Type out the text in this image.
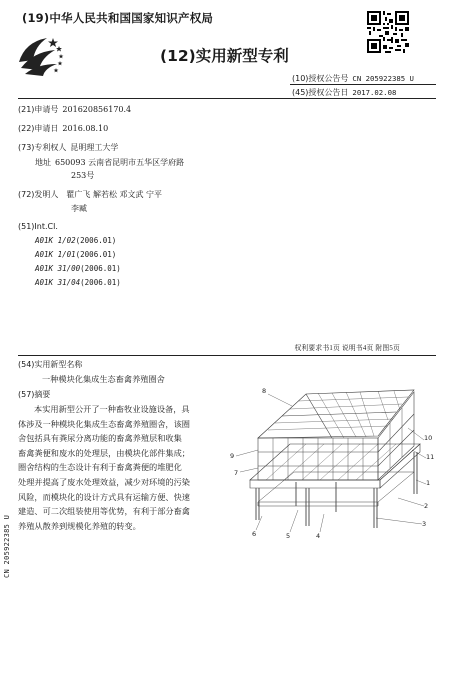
(19)中华人民共和国国家知识产权局
(12)实用新型专利
(10)授权公告号 CN 205922385 U
(45)授权公告日 2017.02.08
(21)申请号 201620856170.4
(22)申请日 2016.08.10
(73)专利权人 昆明理工大学
地址 650093 云南省昆明市五华区学府路
253号
(72)发明人 瞿广飞 解若松 邓文武 宁平
李臧
(51)Int.Cl.
A01K 1/02(2006.01)
A01K 1/01(2006.01)
A01K 31/00(2006.01)
A01K 31/04(2006.01)
权利要求书1页 说明书4页 附图5页
(54)实用新型名称
一种模块化集成生态畜禽养殖圈舍
(57)摘要
本实用新型公开了一种畜牧业设施设备，具
体涉及一种模块化集成生态畜禽养殖圈舍，该圈
舍包括具有粪尿分离功能的畜禽养殖层和收集
畜禽粪便和废水的处理层，由模块化部件集成；
圈舍结构的生态设计有利于畜禽粪便的堆肥化
处理并提高了废水处理效益，减少对环境的污染
风险，而模块化的设计方式具有运输方便、快速
建造、可二次组装使用等优势，有利于部分畜禽
养殖从散养到规模化养殖的转变。
8
9
7
10
11
1
2
3
4
5
6
CN 205922385 U
